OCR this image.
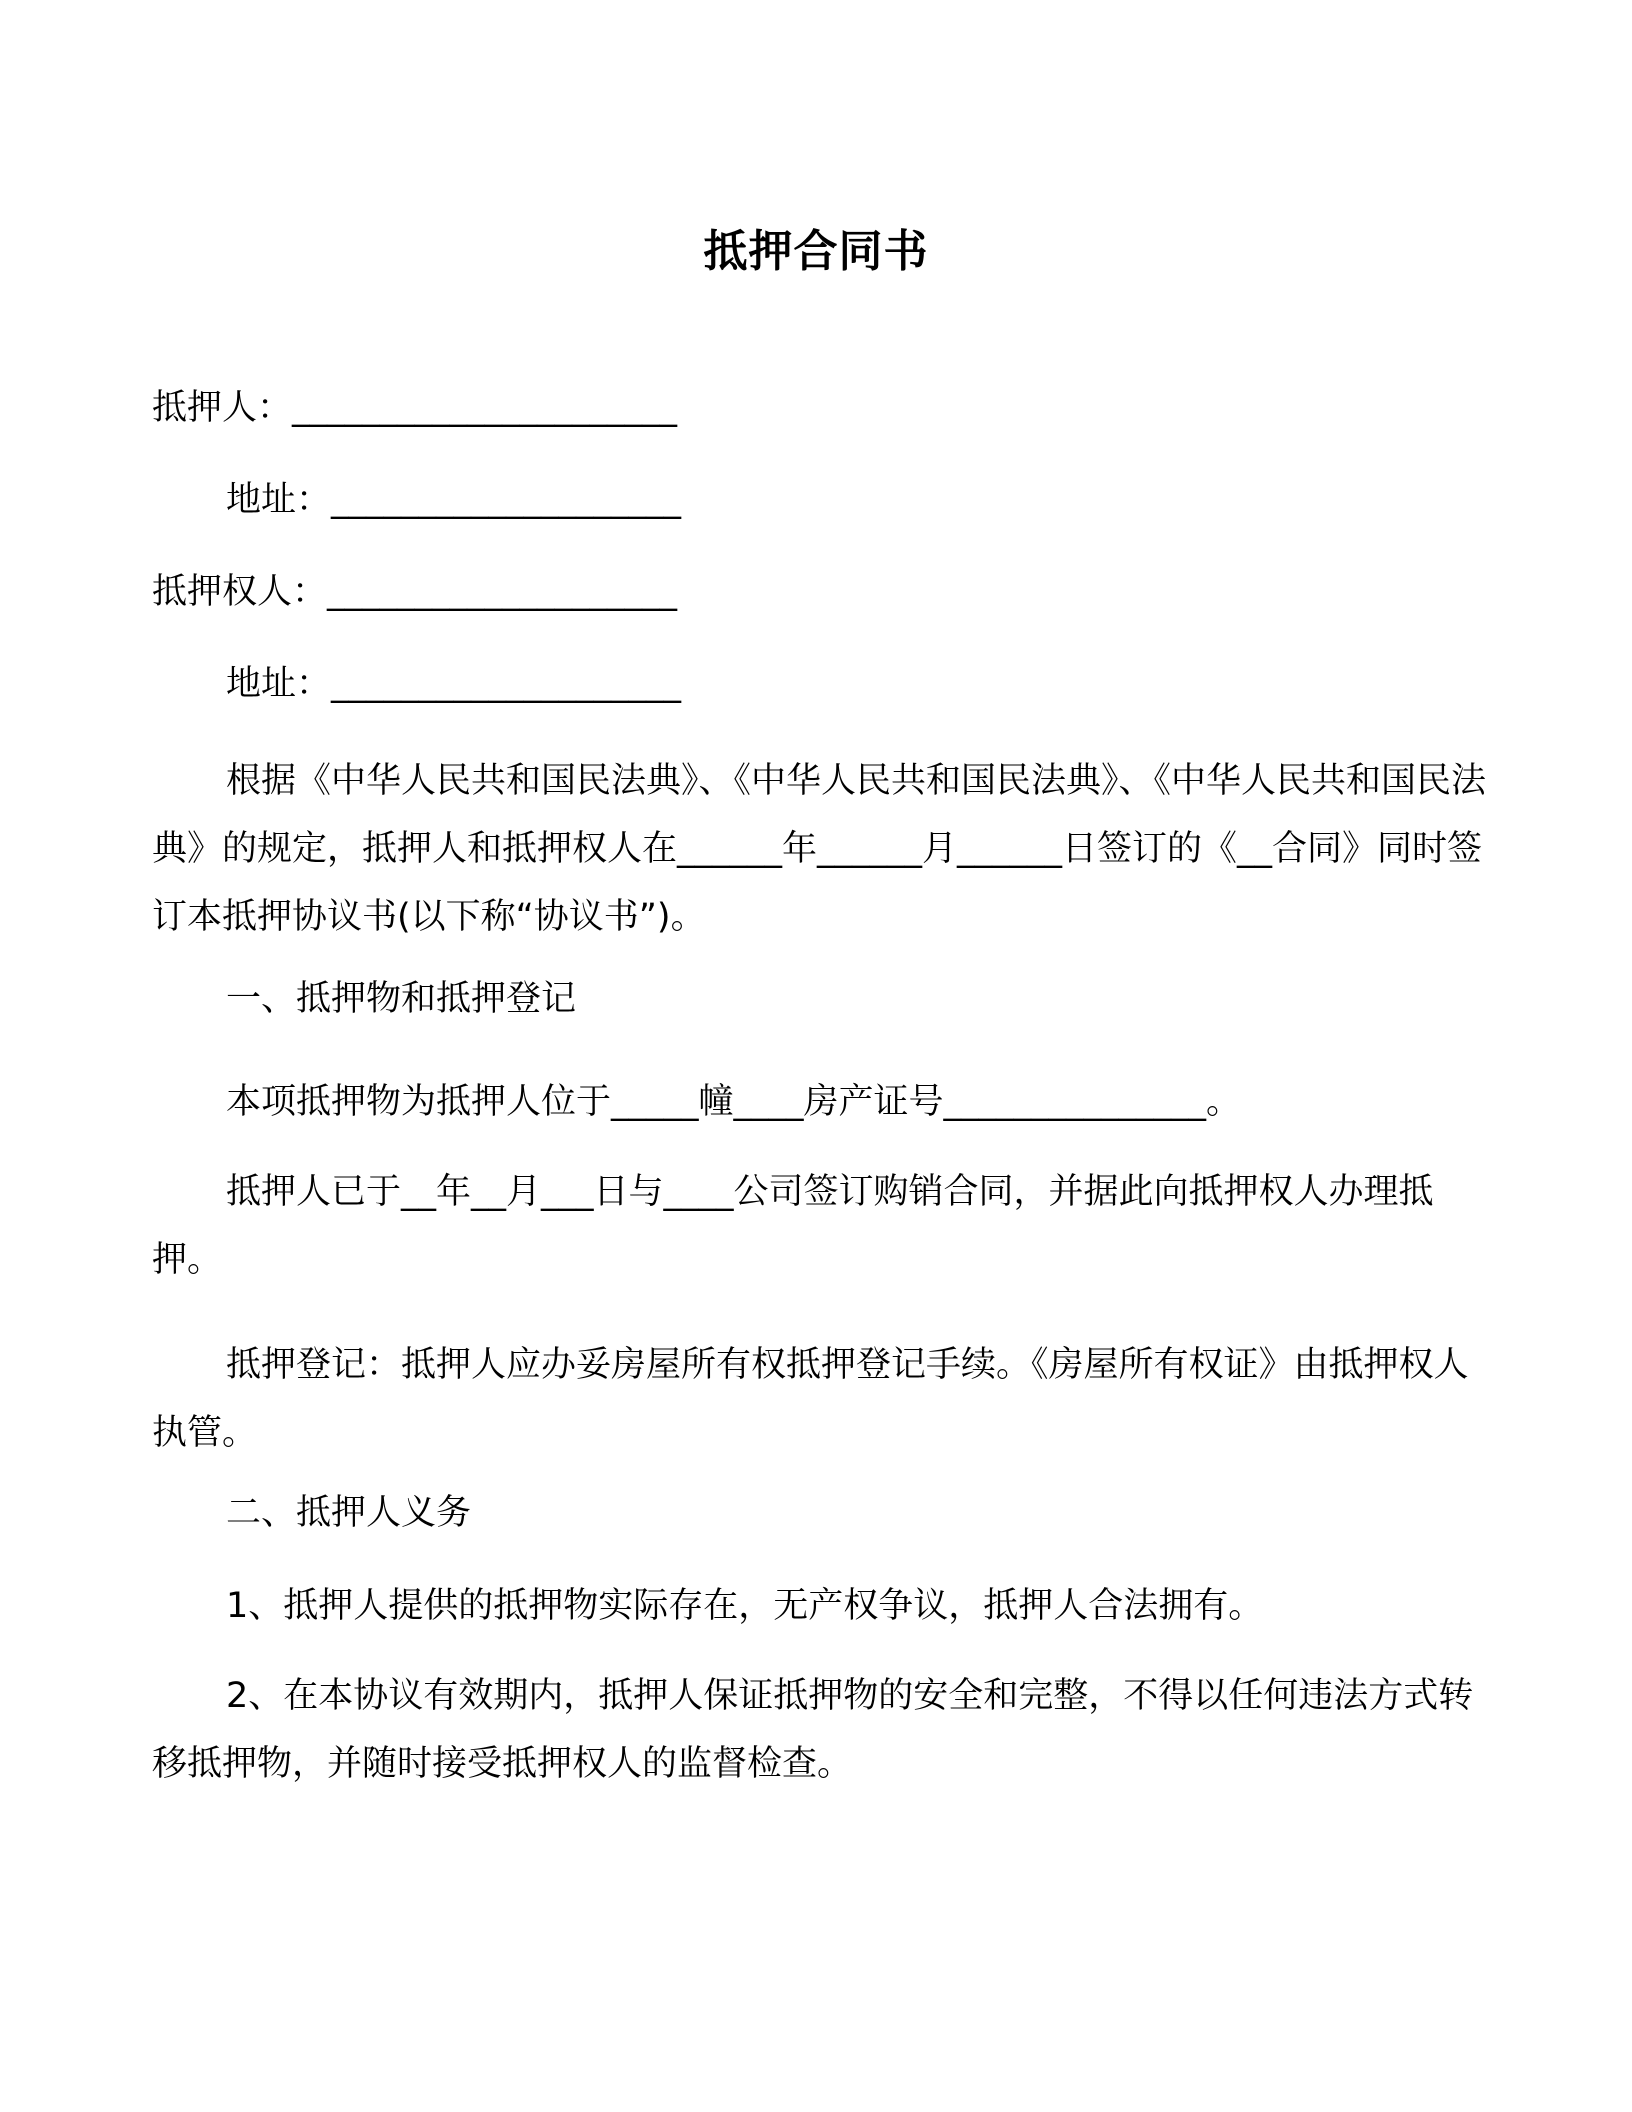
抵押合同书
抵押人：______________________
地址：____________________
抵押权人：____________________
地址：____________________
根据《中华人民共和国民法典》、《中华人民共和国民法典》、《中华人民共和国民法典》的规定，抵押人和抵押权人在______年______月______日签订的《__合同》同时签订本抵押协议书(以下称“协议书”)。
一、抵押物和抵押登记
本项抵押物为抵押人位于_____幢____房产证号_______________。
抵押人已于__年__月___日与____公司签订购销合同，并据此向抵押权人办理抵押。
抵押登记：抵押人应办妥房屋所有权抵押登记手续。《房屋所有权证》由抵押权人执管。
二、抵押人义务
1、抵押人提供的抵押物实际存在，无产权争议，抵押人合法拥有。
2、在本协议有效期内，抵押人保证抵押物的安全和完整，不得以任何违法方式转移抵押物，并随时接受抵押权人的监督检查。
